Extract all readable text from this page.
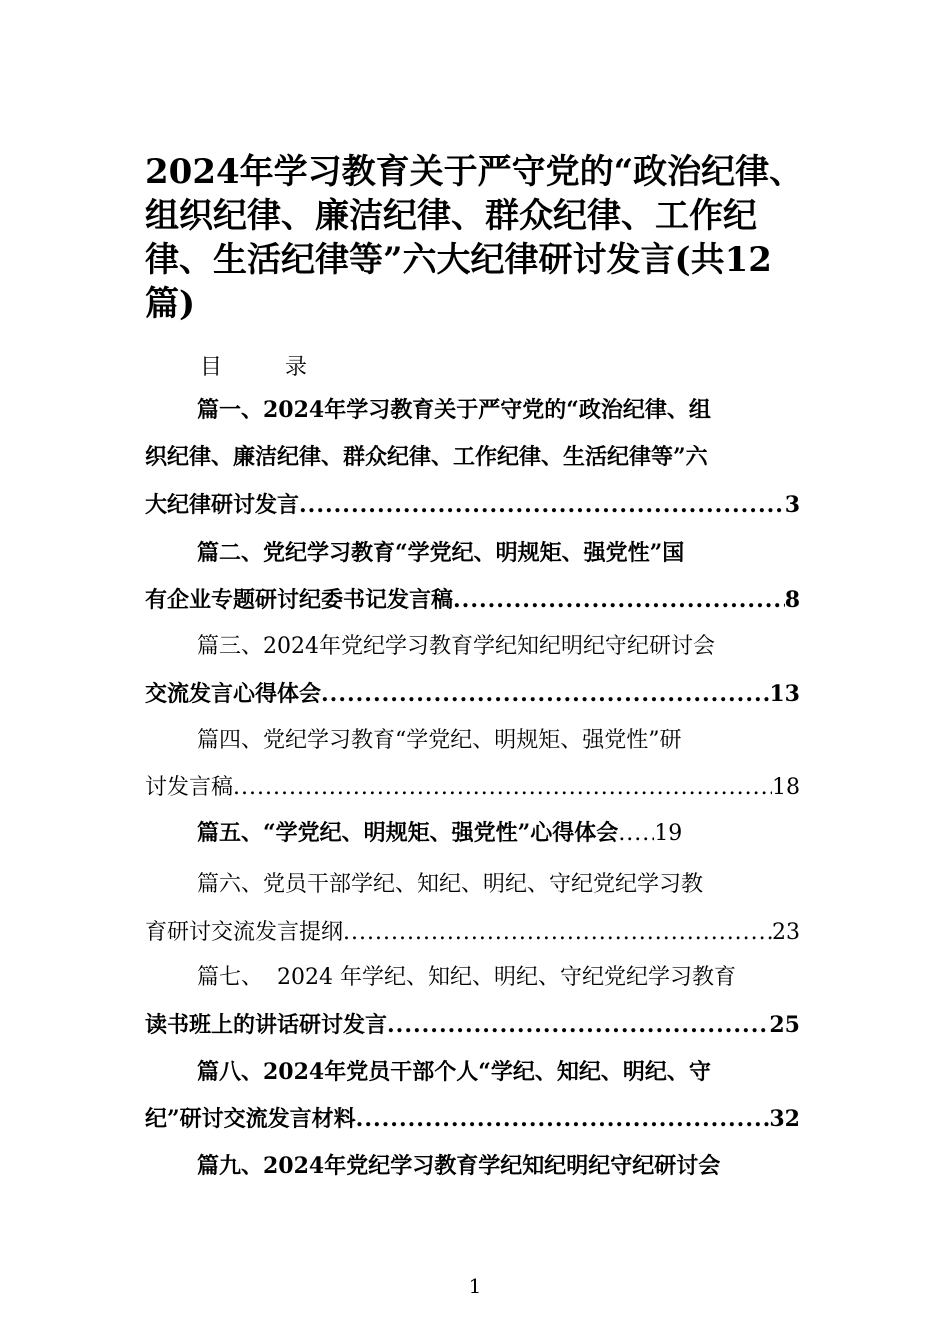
2024年学习教育关于严守党的“政治纪律、组织纪律、廉洁纪律、群众纪律、工作纪律、生活纪律等”六大纪律研讨发言(共12篇)
目 录
篇一、2024年学习教育关于严守党的“政治纪律、组
织纪律、廉洁纪律、群众纪律、工作纪律、生活纪律等”六
大纪律研讨发言 .....	3
篇二、党纪学习教育“学党纪、明规矩、强党性”国
有企业专题研讨纪委书记发言稿 .....	8
篇三、2024年党纪学习教育学纪知纪明纪守纪研讨会
交流发言心得体会 .....	13
篇四、党纪学习教育“学党纪、明规矩、强党性”研
讨发言稿 .....	18
篇五、“学党纪、明规矩、强党性”心得体会 ..... 19
篇六、党员干部学纪、知纪、明纪、守纪党纪学习教
育研讨交流发言提纲 .....	23
篇七、  2024 年学纪、知纪、明纪、守纪党纪学习教育
读书班上的讲话研讨发言 .....	25
篇八、2024年党员干部个人“学纪、知纪、明纪、守
纪”研讨交流发言材料 .....	32
篇九、2024年党纪学习教育学纪知纪明纪守纪研讨会
1
